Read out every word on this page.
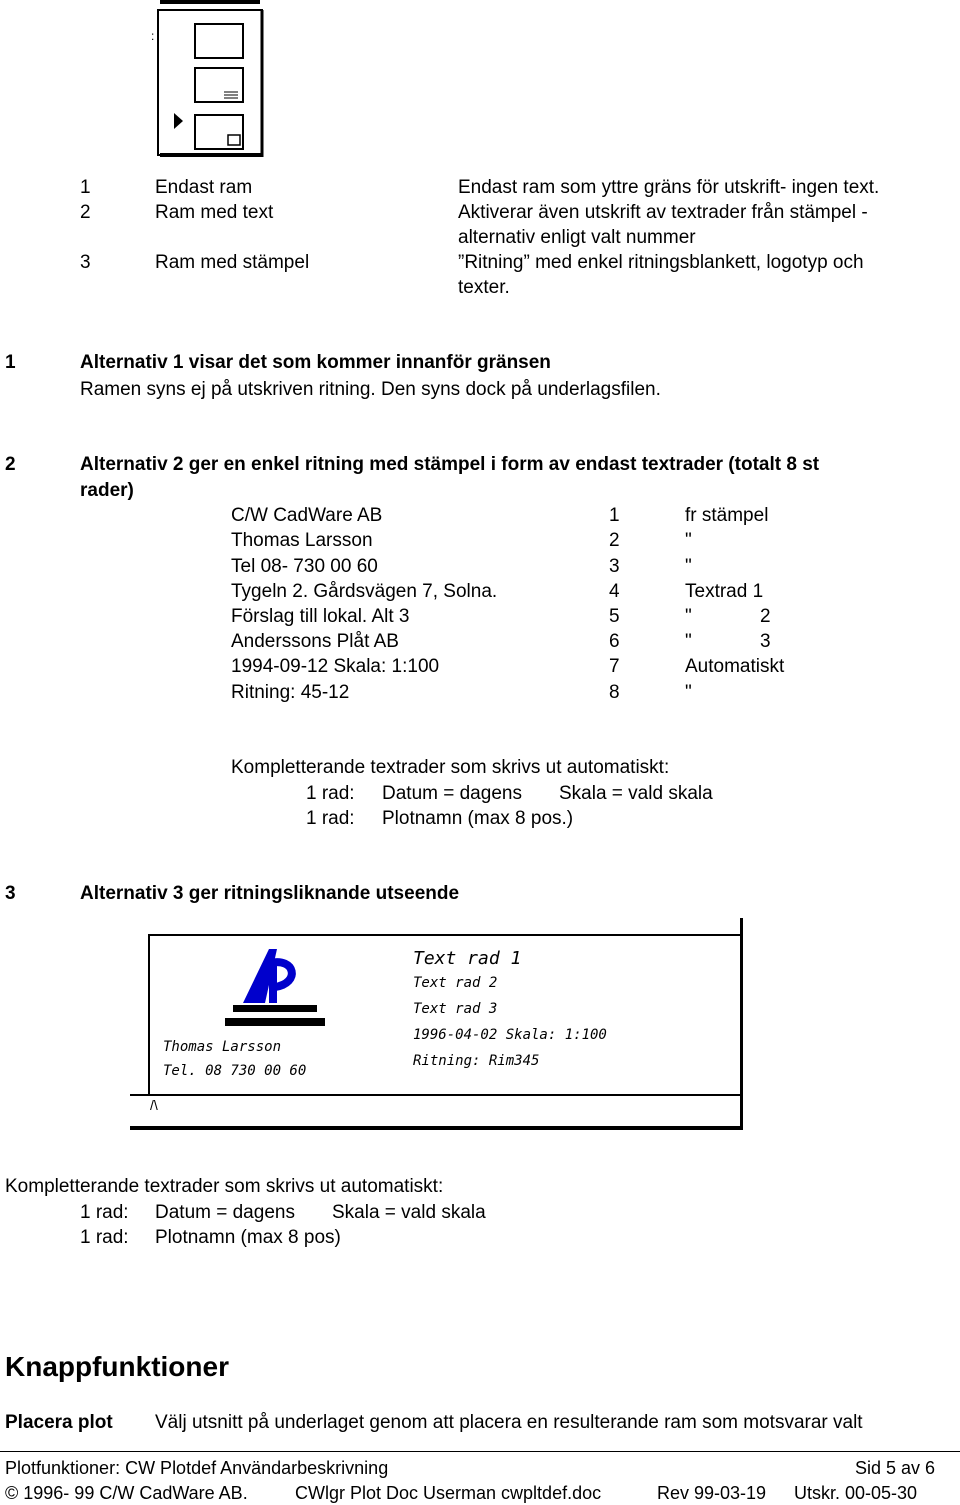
:
1	Endast ram	Endast ram som yttre gräns för utskrift- ingen text.
2	Ram med text	Aktiverar även utskrift av textrader från stämpel -
alternativ enligt valt nummer
3	Ram med stämpel	”Ritning” med enkel ritningsblankett, logotyp och
texter.
1	Alternativ 1 visar det som kommer innanför gränsen
Ramen syns ej på utskriven ritning. Den syns dock på underlagsfilen.
2	Alternativ 2 ger en enkel ritning med stämpel i form av endast textrader (totalt 8 st
rader)
C/W CadWare AB	1	fr stämpel
Thomas Larsson	2	"
Tel 08- 730 00 60	3	"
Tygeln 2. Gårdsvägen 7, Solna.	4	Textrad 1
Förslag till lokal. Alt 3	5	"	2
Anderssons Plåt AB	6	"	3
1994-09-12 Skala: 1:100	7	Automatiskt
Ritning: 45-12	8	"
Kompletterande textrader som skrivs ut automatiskt:
1 rad: Datum = dagens Skala = vald skala
1 rad: Plotnamn (max 8 pos.)
3	Alternativ 3 ger ritningsliknande utseende
Thomas Larsson
Tel. 08 730 00 60
Text rad 1
Text rad 2
Text rad 3
1996-04-02 Skala: 1:100
Ritning: Rim345
/\
Kompletterande textrader som skrivs ut automatiskt:
1 rad: Datum = dagens Skala = vald skala
1 rad: Plotnamn (max 8 pos)
Knappfunktioner
Placera plot Välj utsnitt på underlaget genom att placera en resulterande ram som motsvarar valt
Plotfunktioner: CW Plotdef Användarbeskrivning	Sid 5 av 6
© 1996- 99 C/W CadWare AB.	CWlgr Plot Doc Userman cwpltdef.doc	Rev 99-03-19 Utskr. 00-05-30
